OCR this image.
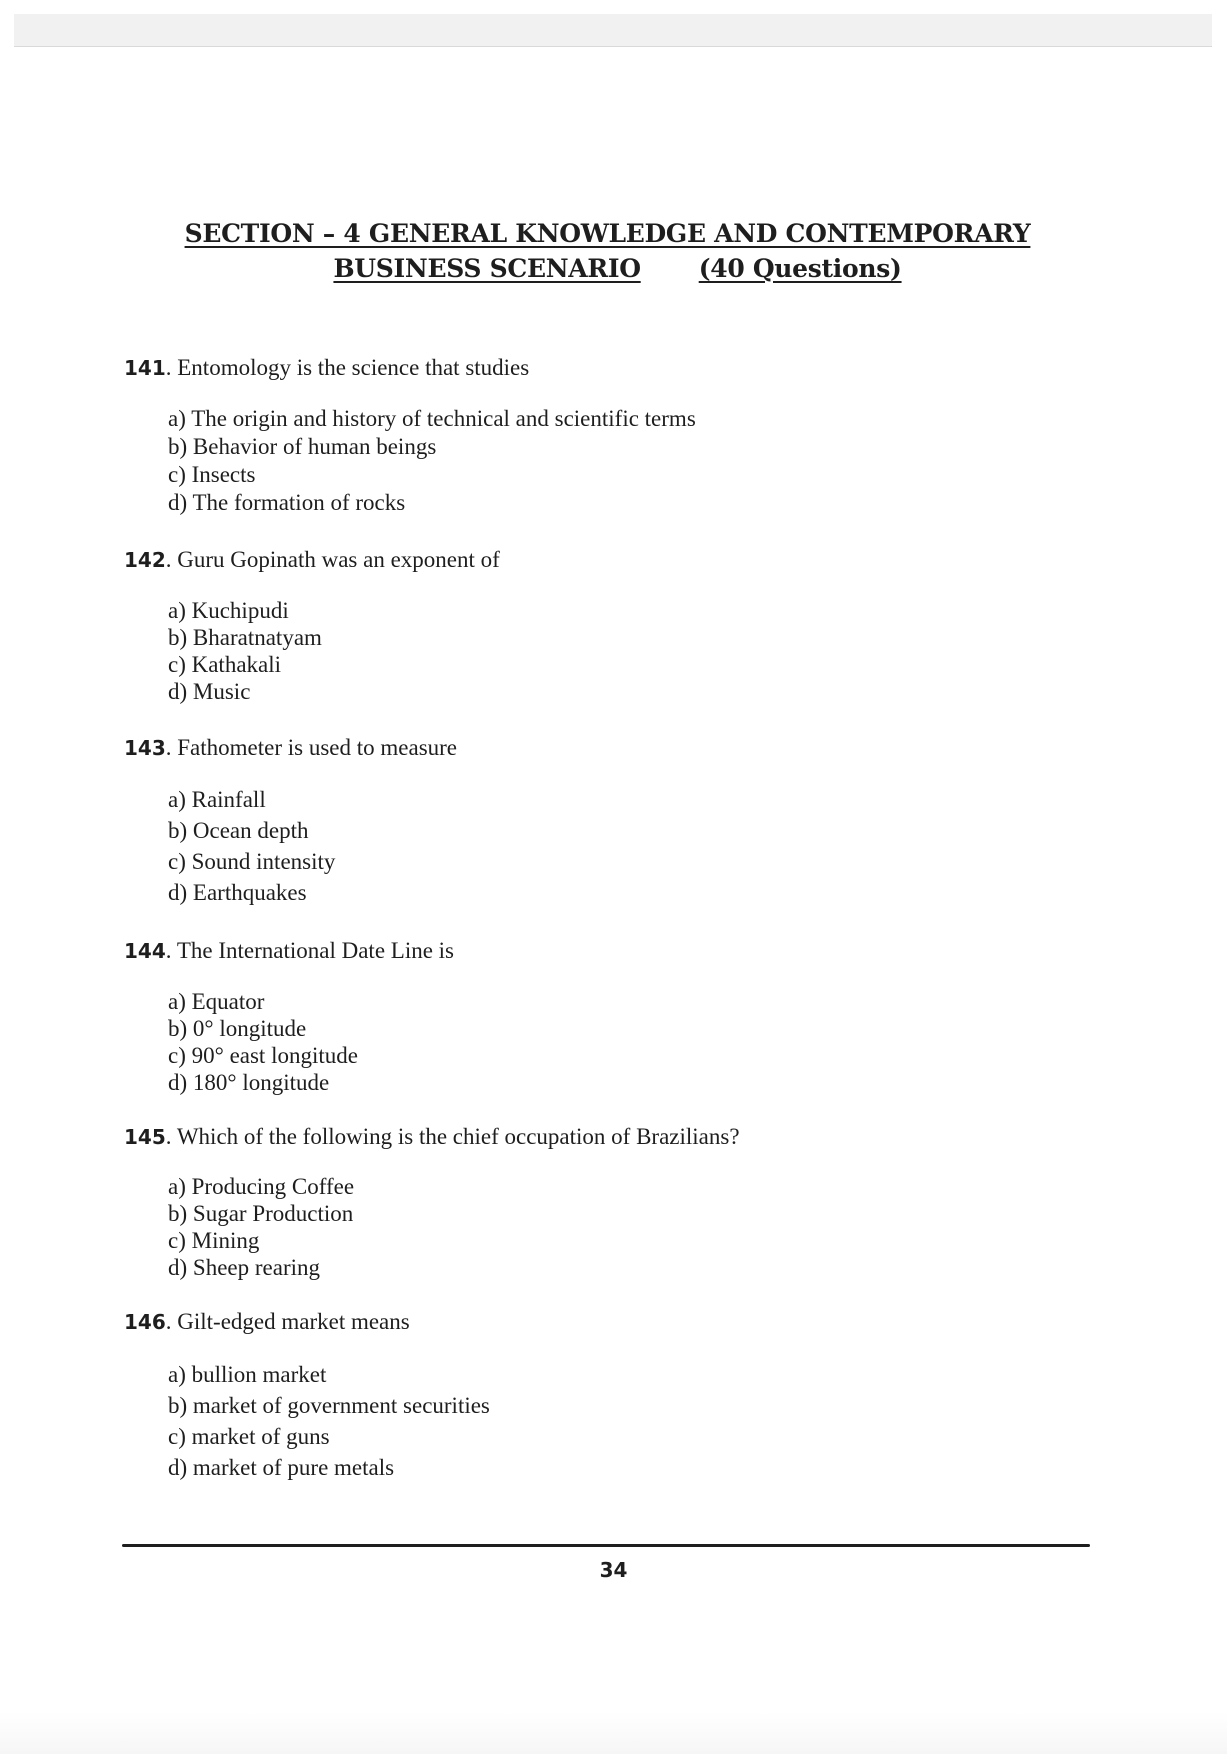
SECTION – 4 GENERAL KNOWLEDGE AND CONTEMPORARY
BUSINESS SCENARIO (40 Questions)
141. Entomology is the science that studies
a) The origin and history of technical and scientific terms
b) Behavior of human beings
c) Insects
d) The formation of rocks
142. Guru Gopinath was an exponent of
a) Kuchipudi
b) Bharatnatyam
c) Kathakali
d) Music
143. Fathometer is used to measure
a) Rainfall
b) Ocean depth
c) Sound intensity
d) Earthquakes
144. The International Date Line is
a) Equator
b) 0° longitude
c) 90° east longitude
d) 180° longitude
145. Which of the following is the chief occupation of Brazilians?
a) Producing Coffee
b) Sugar Production
c) Mining
d) Sheep rearing
146. Gilt-edged market means
a) bullion market
b) market of government securities
c) market of guns
d) market of pure metals
34
